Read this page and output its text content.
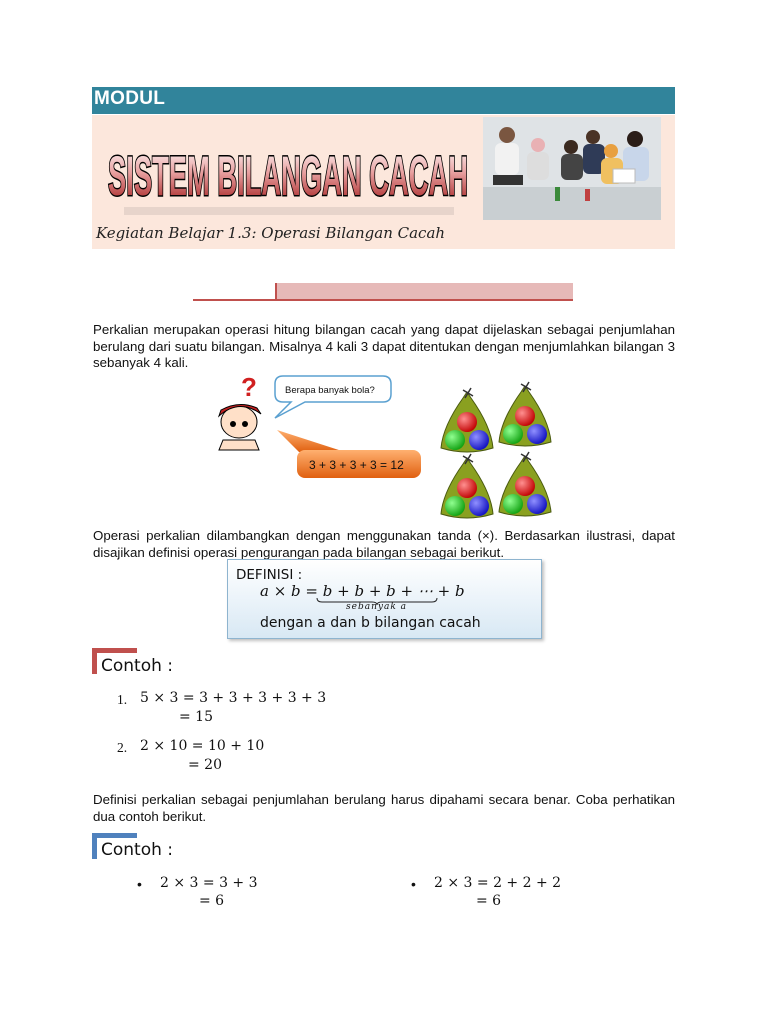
MODUL
SISTEM BILANGAN CACAH
Kegiatan Belajar 1.3: Operasi Bilangan Cacah

Perkalian merupakan operasi hitung bilangan cacah yang dapat dijelaskan sebagai penjumlahan berulang dari suatu bilangan. Misalnya 4 kali 3 dapat ditentukan dengan menjumlahkan bilangan 3 sebanyak 4 kali.

?	Berapa banyak bola?
3 + 3 + 3 + 3 = 12

Operasi perkalian dilambangkan dengan menggunakan tanda (×). Berdasarkan ilustrasi, dapat disajikan definisi operasi pengurangan pada bilangan sebagai berikut.

DEFINISI :
a × b = b + b + b + ⋯ + b
sebanyak a
dengan a dan b bilangan cacah
Contoh :
1. 5 × 3 = 3 + 3 + 3 + 3 + 3
= 15
2. 2 × 10 = 10 + 10
= 20

Definisi perkalian sebagai penjumlahan berulang harus dipahami secara benar. Coba perhatikan dua contoh berikut.

Contoh :
• 2 × 3 = 3 + 3
= 6
• 2 × 3 = 2 + 2 + 2
= 6
